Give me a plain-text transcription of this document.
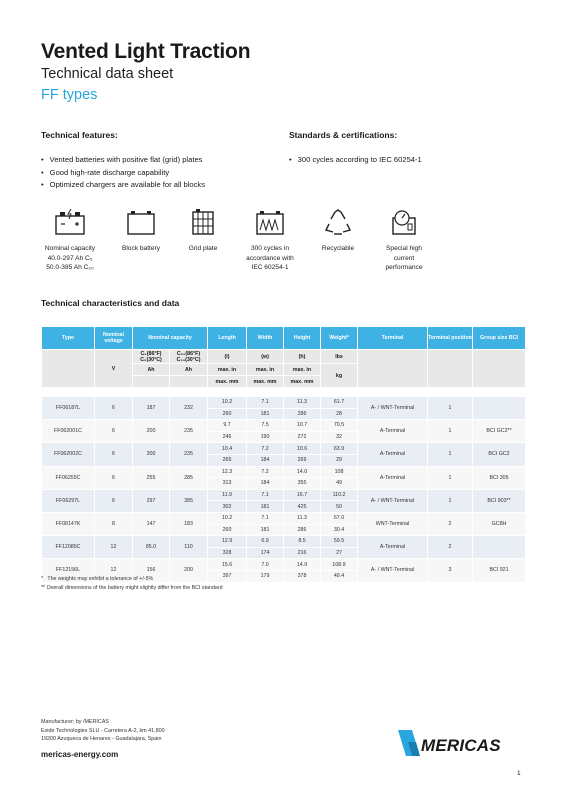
Vented Light Traction
Technical data sheet
FF types
Technical features:
• Vented batteries with positive flat (grid) plates
• Good high-rate discharge capability
• Optimized chargers are available for all blocks
Standards & certifications:
• 300 cycles according to IEC 60254-1
Nominal capacity
40.0-297 Ah C₅
50.0-385 Ah C₂₀
Block battery	Grid plate	300 cycles in
accordance with
IEC 60254-1
Recyclable	Special high
current
performance
Technical characteristics and data
Type	Nominal voltage	Nominal capacity		Length	Width	Height	Weight*	Terminal	Terminal position	Group size BCI
	V	C₅(86°F) C₅(30°C)	C₂₀(86°F) C₂₀(30°C)	(l)	(w)	(h)	lbs			

		Ah	Ah	max. in	max. in	max. in	kg			
				max. mm	max. mm	max. mm				

FF06187L	6	187	232	10.2	7.1	11.3	61.7	A- / WNT-Terminal	1	
				260	181	286	28			
FF062001C	6	200	235	9.7	7.5	10.7	70.5	A-Terminal	1	BCI GC2**
				246	190	272	32			
FF062002C	6	200	235	10.4	7.2	10.6	63.9	A-Terminal	1	BCI GC2
				265	184	269	29			
FF06255C	6	255	285	12.3	7.2	14.0	108	A-Terminal	1	BCI 305
				313	184	355	49			
FF06297L	6	297	385	11.9	7.1	16.7	110.2	A- / WNT-Terminal	1	BCI 903**
				302	181	425	50			
FF08147K	8	147	183	10.2	7.1	11.3	67.0	WNT-Terminal	2	GC8H
				260	181	286	30.4			
FF12085C	12	85.0	110	12.9	6.9	8.5	59.5	A-Terminal	2	
				328	174	216	27			
FF12156L	12	156	200	15.6	7.0	14.9	108.9	A- / WNT-Terminal	3	BCI 921
				397	179	378	49.4			
*   The weights may exhibit a tolerance of +/-5%
** Overall dimensions of the battery might slightly differ from the BCI standard
Manufacturer: by /MERICAS
Exide Technologies SLU - Carretera A-2, km 41,800
19200 Azuqueca de Henares - Guadalajara, Spain
mericas-energy.com	MERICAS
1
